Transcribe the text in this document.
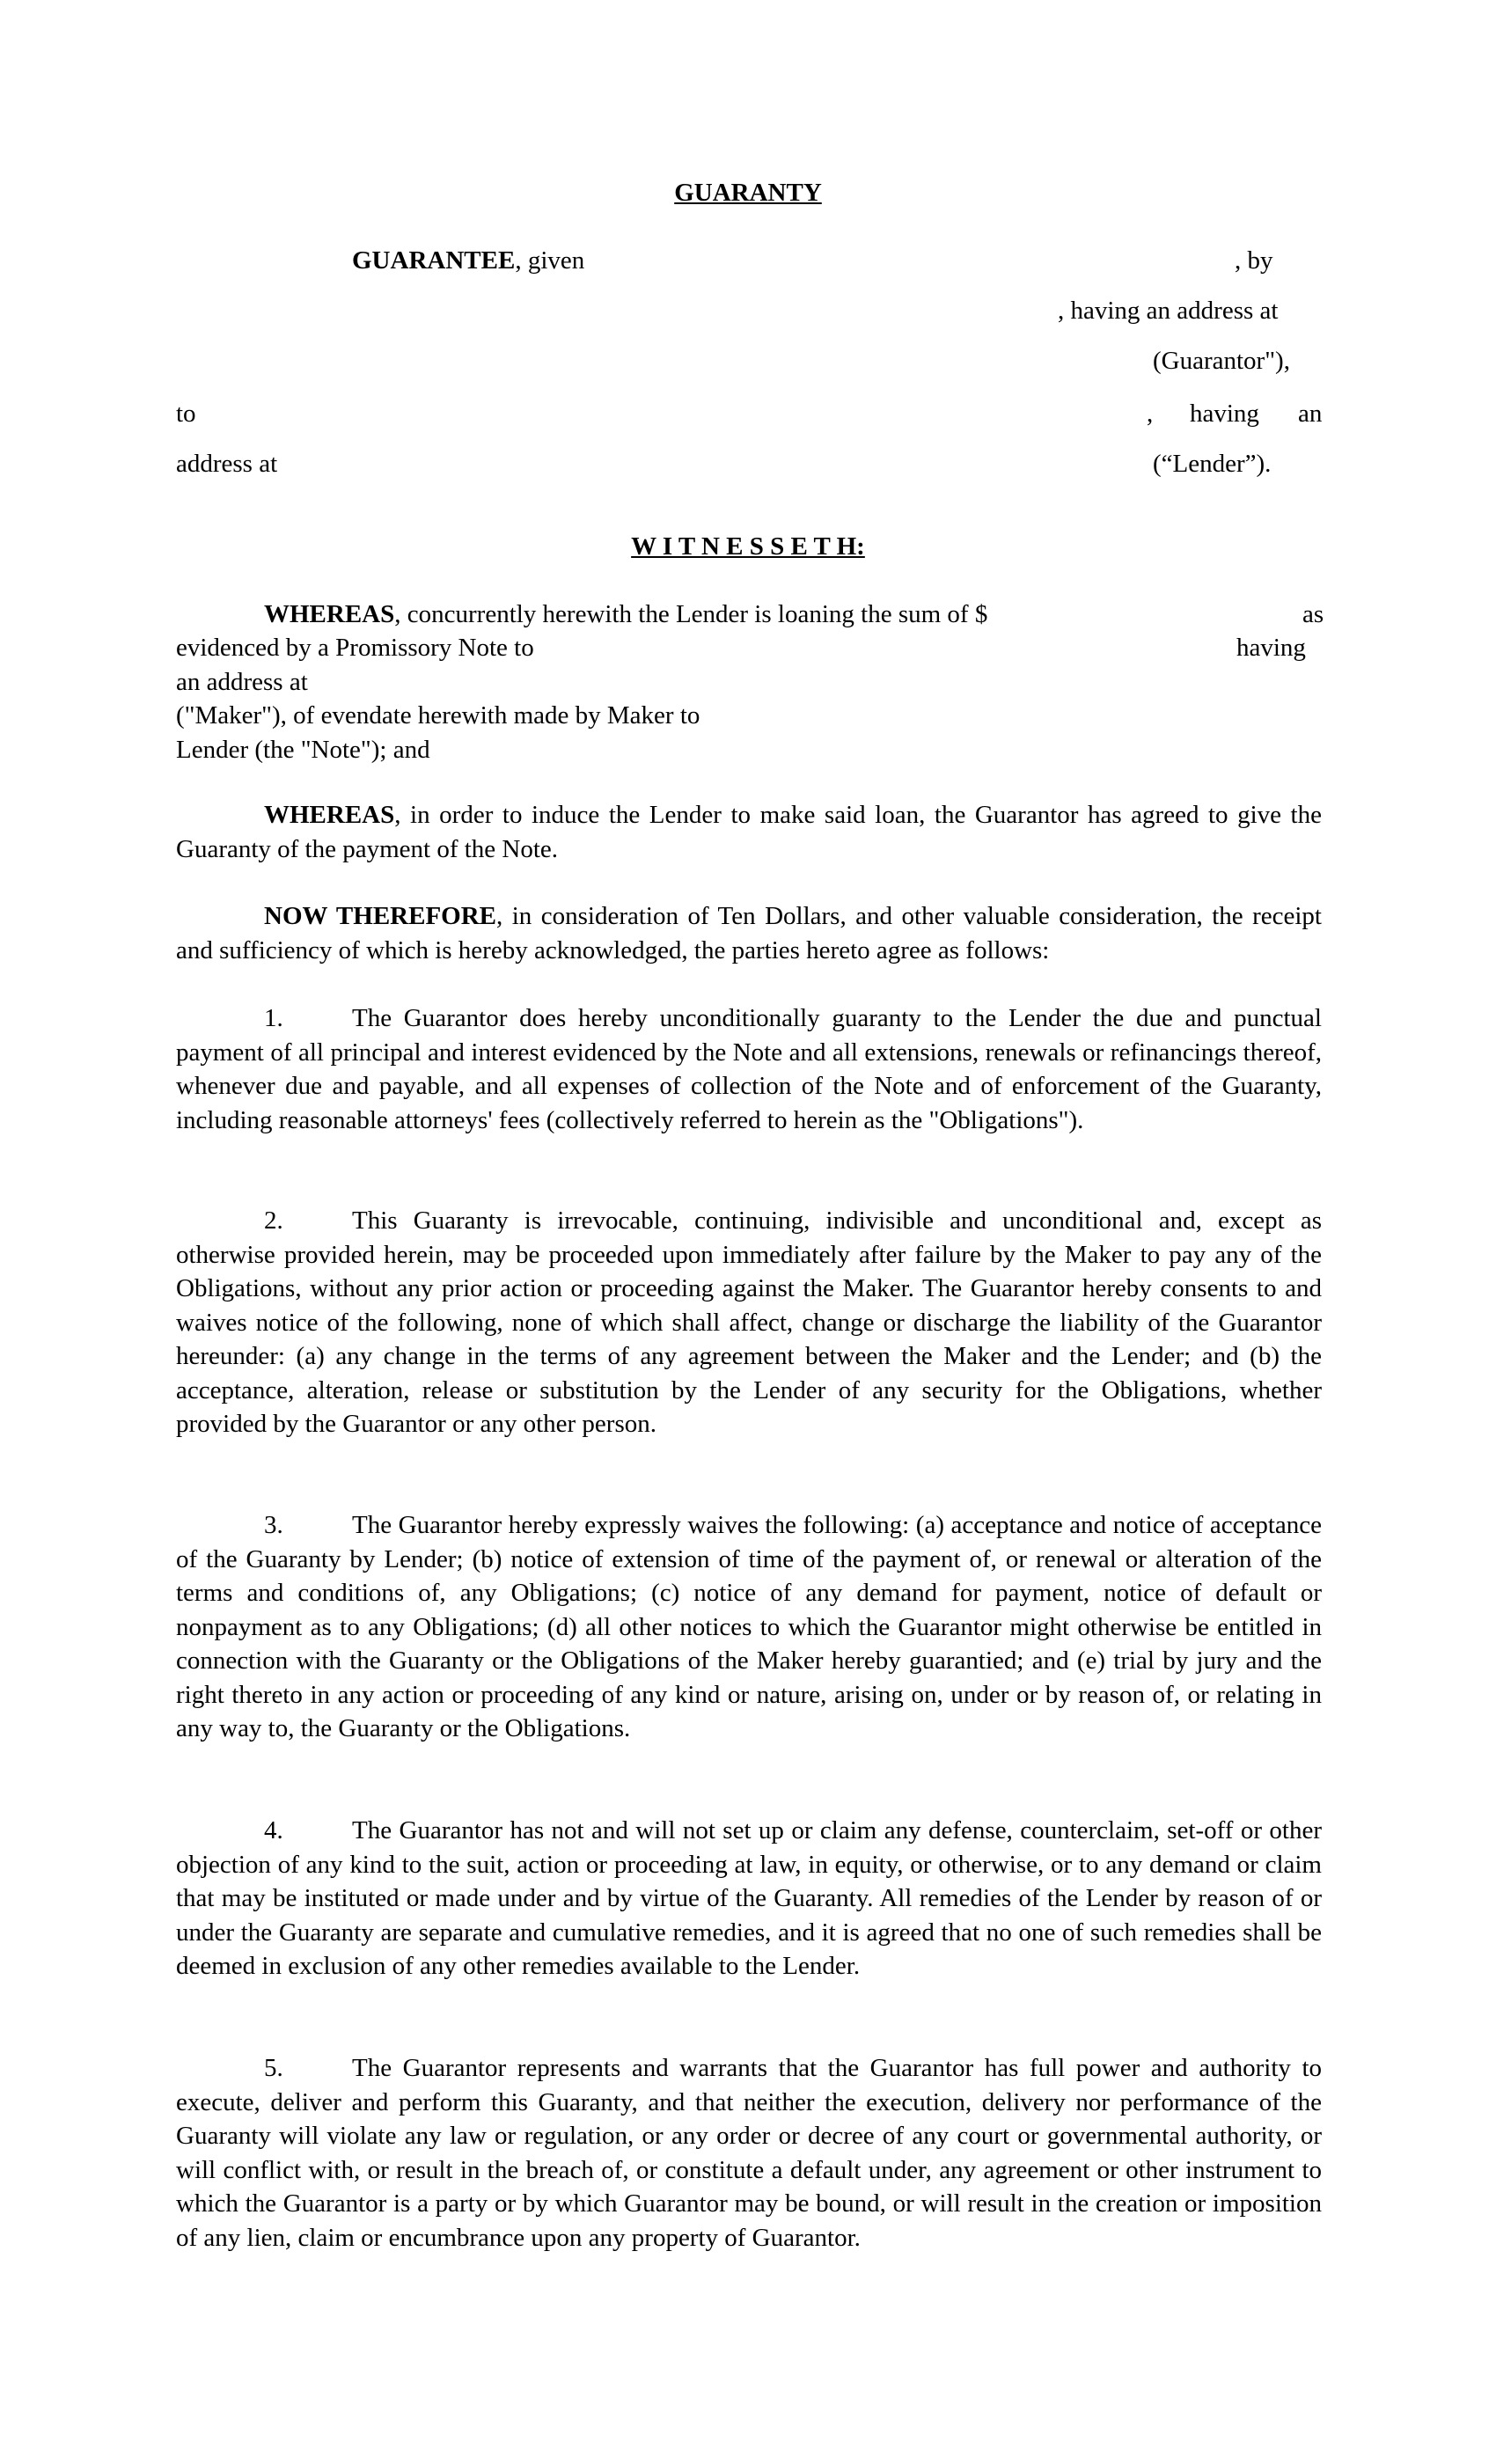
GUARANTY
GUARANTEE, given	, by
, having an address at
(Guarantor"),
to	, having an
address at	(“Lender”).
W I T N E S S E T H:
WHEREAS, concurrently herewith the Lender is loaning the sum of $	as
evidenced by a Promissory Note to	having
an address at
("Maker"), of evendate herewith made by Maker to
Lender (the "Note"); and
WHEREAS, in order to induce the Lender to make said loan, the Guarantor has agreed to give the Guaranty of the payment of the Note.
NOW THEREFORE, in consideration of Ten Dollars, and other valuable consideration, the receipt and sufficiency of which is hereby acknowledged, the parties hereto agree as follows:
1.	The Guarantor does hereby unconditionally guaranty to the Lender the due and punctual payment of all principal and interest evidenced by the Note and all extensions, renewals or refinancings thereof, whenever due and payable, and all expenses of collection of the Note and of enforcement of the Guaranty, including reasonable attorneys' fees (collectively referred to herein as the "Obligations").
2.	This Guaranty is irrevocable, continuing, indivisible and unconditional and, except as otherwise provided herein, may be proceeded upon immediately after failure by the Maker to pay any of the Obligations, without any prior action or proceeding against the Maker. The Guarantor hereby consents to and waives notice of the following, none of which shall affect, change or discharge the liability of the Guarantor hereunder: (a) any change in the terms of any agreement between the Maker and the Lender; and (b) the acceptance, alteration, release or substitution by the Lender of any security for the Obligations, whether provided by the Guarantor or any other person.
3.	The Guarantor hereby expressly waives the following: (a) acceptance and notice of acceptance of the Guaranty by Lender; (b) notice of extension of time of the payment of, or renewal or alteration of the terms and conditions of, any Obligations; (c) notice of any demand for payment, notice of default or nonpayment as to any Obligations; (d) all other notices to which the Guarantor might otherwise be entitled in connection with the Guaranty or the Obligations of the Maker hereby guarantied; and (e) trial by jury and the right thereto in any action or proceeding of any kind or nature, arising on, under or by reason of, or relating in any way to, the Guaranty or the Obligations.
4.	The Guarantor has not and will not set up or claim any defense, counterclaim, set-off or other objection of any kind to the suit, action or proceeding at law, in equity, or otherwise, or to any demand or claim that may be instituted or made under and by virtue of the Guaranty. All remedies of the Lender by reason of or under the Guaranty are separate and cumulative remedies, and it is agreed that no one of such remedies shall be deemed in exclusion of any other remedies available to the Lender.
5.	The Guarantor represents and warrants that the Guarantor has full power and authority to execute, deliver and perform this Guaranty, and that neither the execution, delivery nor performance of the Guaranty will violate any law or regulation, or any order or decree of any court or governmental authority, or will conflict with, or result in the breach of, or constitute a default under, any agreement or other instrument to which the Guarantor is a party or by which Guarantor may be bound, or will result in the creation or imposition of any lien, claim or encumbrance upon any property of Guarantor.
